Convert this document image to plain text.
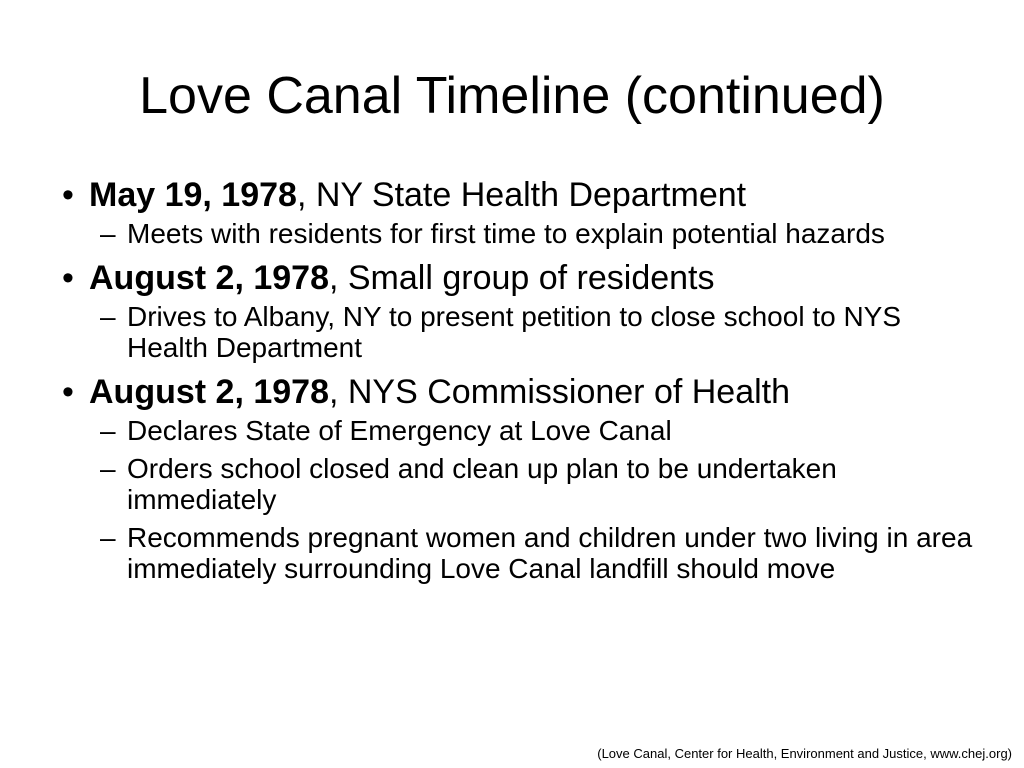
Love Canal Timeline (continued)
• May 19, 1978, NY State Health Department
– Meets with residents for first time to explain potential hazards
• August 2, 1978, Small group of residents
– Drives to Albany, NY to present petition to close school to NYS Health Department
• August 2, 1978, NYS Commissioner of Health
– Declares State of Emergency at Love Canal
– Orders school closed and clean up plan to be undertaken immediately
– Recommends pregnant women and children under two living in area immediately surrounding Love Canal landfill should move
(Love Canal, Center for Health, Environment and Justice, www.chej.org)
